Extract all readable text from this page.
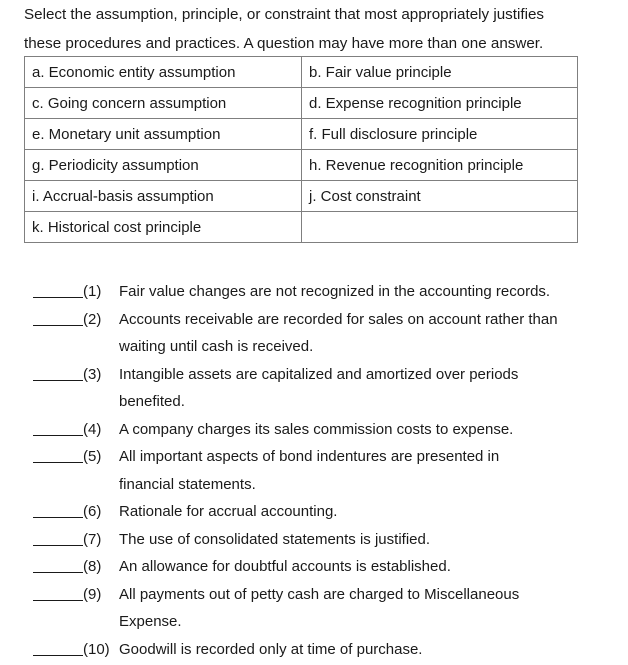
Select the assumption, principle, or constraint that most appropriately justifies
these procedures and practices. A question may have more than one answer.
a. Economic entity assumption	b. Fair value principle
c. Going concern assumption	d. Expense recognition principle
e. Monetary unit assumption	f. Full disclosure principle
g. Periodicity assumption	h. Revenue recognition principle
i. Accrual-basis assumption	j. Cost constraint
k. Historical cost principle	
(1)	Fair value changes are not recognized in the accounting records.
(2)	Accounts receivable are recorded for sales on account rather than
waiting until cash is received.
(3)	Intangible assets are capitalized and amortized over periods
benefited.
(4)	A company charges its sales commission costs to expense.
(5)	All important aspects of bond indentures are presented in
financial statements.
(6)	Rationale for accrual accounting.
(7)	The use of consolidated statements is justified.
(8)	An allowance for doubtful accounts is established.
(9)	All payments out of petty cash are charged to Miscellaneous
Expense.
(10) Goodwill is recorded only at time of purchase.
